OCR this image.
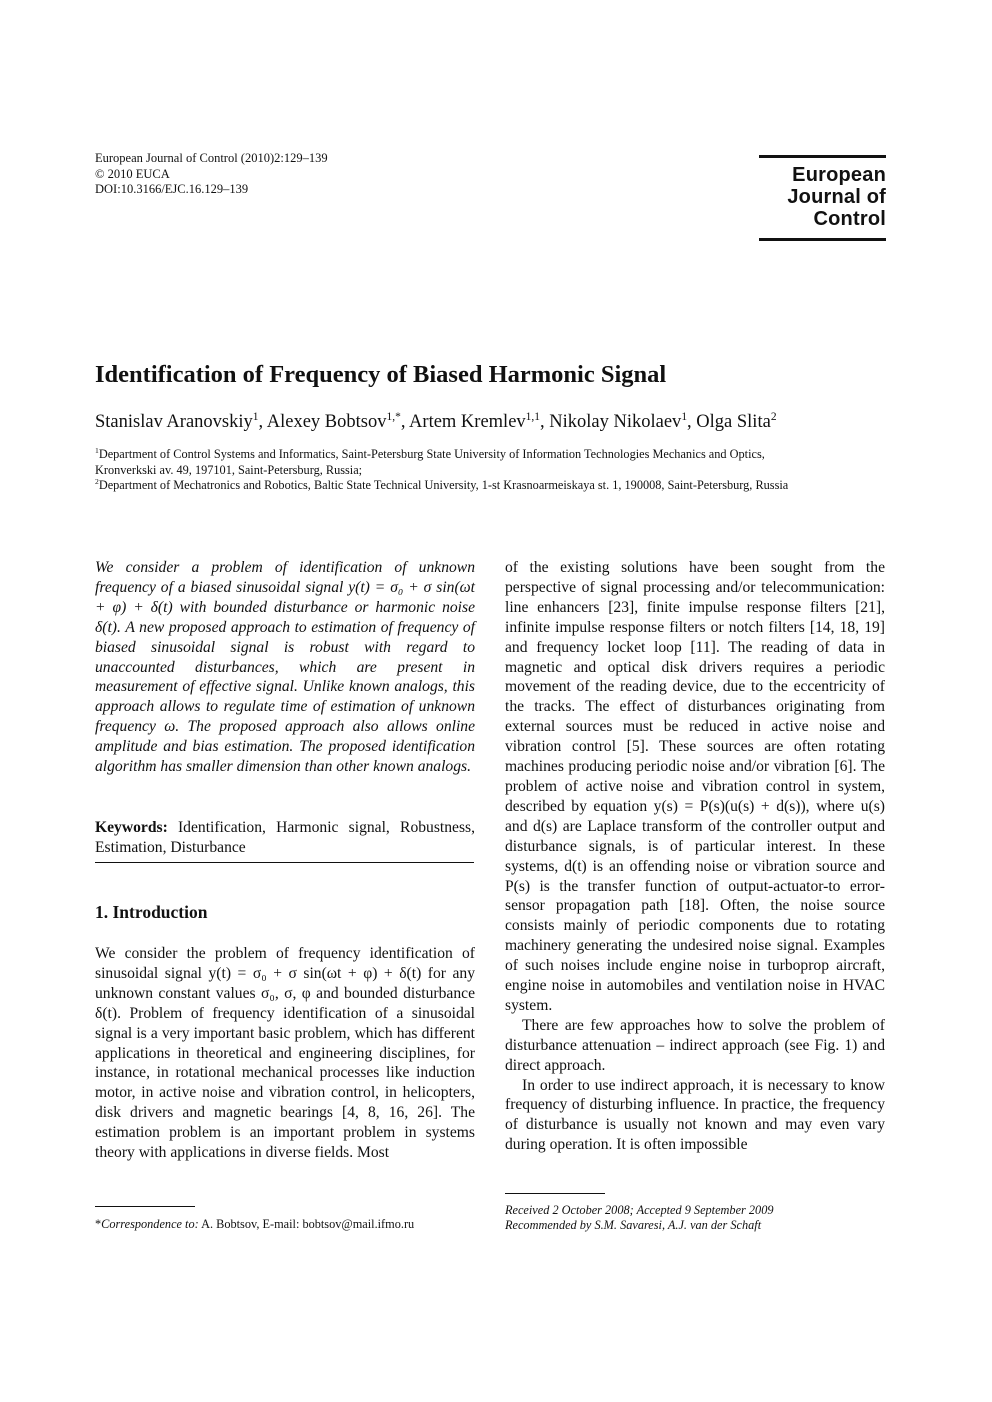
European Journal of Control (2010)2:129–139
© 2010 EUCA
DOI:10.3166/EJC.16.129–139
European
Journal of
Control
Identification of Frequency of Biased Harmonic Signal
Stanislav Aranovskiy$^1$, Alexey Bobtsov$^{1,*}$, Artem Kremlev$^{1,1}$, Nikolay Nikolaev$^1$, Olga Slita$^2$
$^1$Department of Control Systems and Informatics, Saint-Petersburg State University of Information Technologies Mechanics and Optics,
Kronverkski av. 49, 197101, Saint-Petersburg, Russia;
$^2$Department of Mechatronics and Robotics, Baltic State Technical University, 1-st Krasnoarmeiskaya st. 1, 190008, Saint-Petersburg, Russia

We consider a problem of identification of unknown frequency of a biased sinusoidal signal y(t) = σ₀ + σ sin(ωt + φ) + δ(t) with bounded disturbance or harmonic noise δ(t). A new proposed approach to estimation of frequency of biased sinusoidal signal is robust with regard to unaccounted disturbances, which are present in measurement of effective signal. Unlike known analogs, this approach allows to regulate time of estimation of unknown frequency ω. The proposed approach also allows online amplitude and bias estimation. The proposed identification algorithm has smaller dimension than other known analogs.

Keywords: Identification, Harmonic signal, Robustness, Estimation, Disturbance
1. Introduction

We consider the problem of frequency identification of sinusoidal signal y(t) = σ₀ + σ sin(ωt + φ) + δ(t) for any unknown constant values σ₀, σ, φ and bounded disturbance δ(t). Problem of frequency identification of a sinusoidal signal is a very important basic problem, which has different applications in theoretical and engineering disciplines, for instance, in rotational mechanical processes like induction motor, in active noise and vibration control, in helicopters, disk drivers and magnetic bearings [4, 8, 16, 26]. The estimation problem is an important problem in systems theory with applications in diverse fields. Most

of the existing solutions have been sought from the perspective of signal processing and/or telecommunication: line enhancers [23], finite impulse response filters [21], infinite impulse response filters or notch filters [14, 18, 19] and frequency locket loop [11]. The reading of data in magnetic and optical disk drivers requires a periodic movement of the reading device, due to the eccentricity of the tracks. The effect of disturbances originating from external sources must be reduced in active noise and vibration control [5]. These sources are often rotating machines producing periodic noise and/or vibration [6]. The problem of active noise and vibration control in system, described by equation y(s) = P(s)(u(s) + d(s)), where u(s) and d(s) are Laplace transform of the controller output and disturbance signals, is of particular interest. In these systems, d(t) is an offending noise or vibration source and P(s) is the transfer function of output-actuator-to error-sensor propagation path [18]. Often, the noise source consists mainly of periodic components due to rotating machinery generating the undesired noise signal. Examples of such noises include engine noise in turboprop aircraft, engine noise in automobiles and ventilation noise in HVAC system.

There are few approaches how to solve the problem of disturbance attenuation – indirect approach (see Fig. 1) and direct approach.

In order to use indirect approach, it is necessary to know frequency of disturbing influence. In practice, the frequency of disturbance is usually not known and may even vary during operation. It is often impossible

*Correspondence to: A. Bobtsov, E-mail: bobtsov@mail.ifmo.ru
Received 2 October 2008; Accepted 9 September 2009
Recommended by S.M. Savaresi, A.J. van der Schaft
